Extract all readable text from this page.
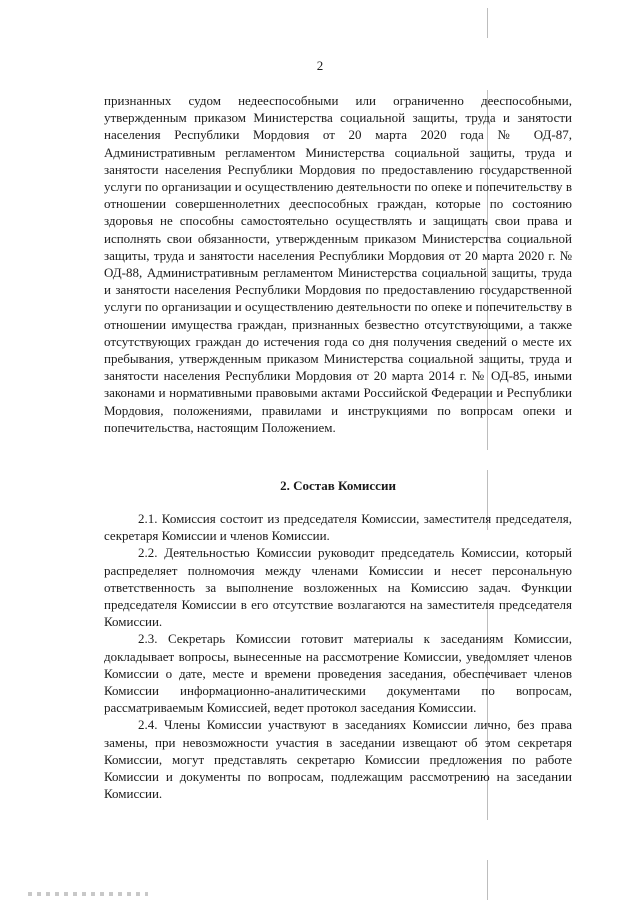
2

признанных судом недееспособными или ограниченно дееспособными, утвержденным приказом Министерства социальной защиты, труда и занятости населения Республики Мордовия от 20 марта 2020 года № ОД-87, Административным регламентом Министерства социальной защиты, труда и занятости населения Республики Мордовия по предоставлению государственной услуги по организации и осуществлению деятельности по опеке и попечительству в отношении совершеннолетних дееспособных граждан, которые по состоянию здоровья не способны самостоятельно осуществлять и защищать свои права и исполнять свои обязанности, утвержденным приказом Министерства социальной защиты, труда и занятости населения Республики Мордовия от 20 марта 2020 г. № ОД-88, Административным регламентом Министерства социальной защиты, труда и занятости населения Республики Мордовия по предоставлению государственной услуги по организации и осуществлению деятельности по опеке и попечительству в отношении имущества граждан, признанных безвестно отсутствующими, а также отсутствующих граждан до истечения года со дня получения сведений о месте их пребывания, утвержденным приказом Министерства социальной защиты, труда и занятости населения Республики Мордовия от 20 марта 2014 г. № ОД-85, иными законами и нормативными правовыми актами Российской Федерации и Республики Мордовия, положениями, правилами и инструкциями по вопросам опеки и попечительства, настоящим Положением.

2. Состав Комиссии

2.1. Комиссия состоит из председателя Комиссии, заместителя председателя, секретаря Комиссии и членов Комиссии.

2.2. Деятельностью Комиссии руководит председатель Комиссии, который распределяет полномочия между членами Комиссии и несет персональную ответственность за выполнение возложенных на Комиссию задач. Функции председателя Комиссии в его отсутствие возлагаются на заместителя председателя Комиссии.

2.3. Секретарь Комиссии готовит материалы к заседаниям Комиссии, докладывает вопросы, вынесенные на рассмотрение Комиссии, уведомляет членов Комиссии о дате, месте и времени проведения заседания, обеспечивает членов Комиссии информационно-аналитическими документами по вопросам, рассматриваемым Комиссией, ведет протокол заседания Комиссии.

2.4. Члены Комиссии участвуют в заседаниях Комиссии лично, без права замены, при невозможности участия в заседании извещают об этом секретаря Комиссии, могут представлять секретарю Комиссии предложения по работе Комиссии и документы по вопросам, подлежащим рассмотрению на заседании Комиссии.
